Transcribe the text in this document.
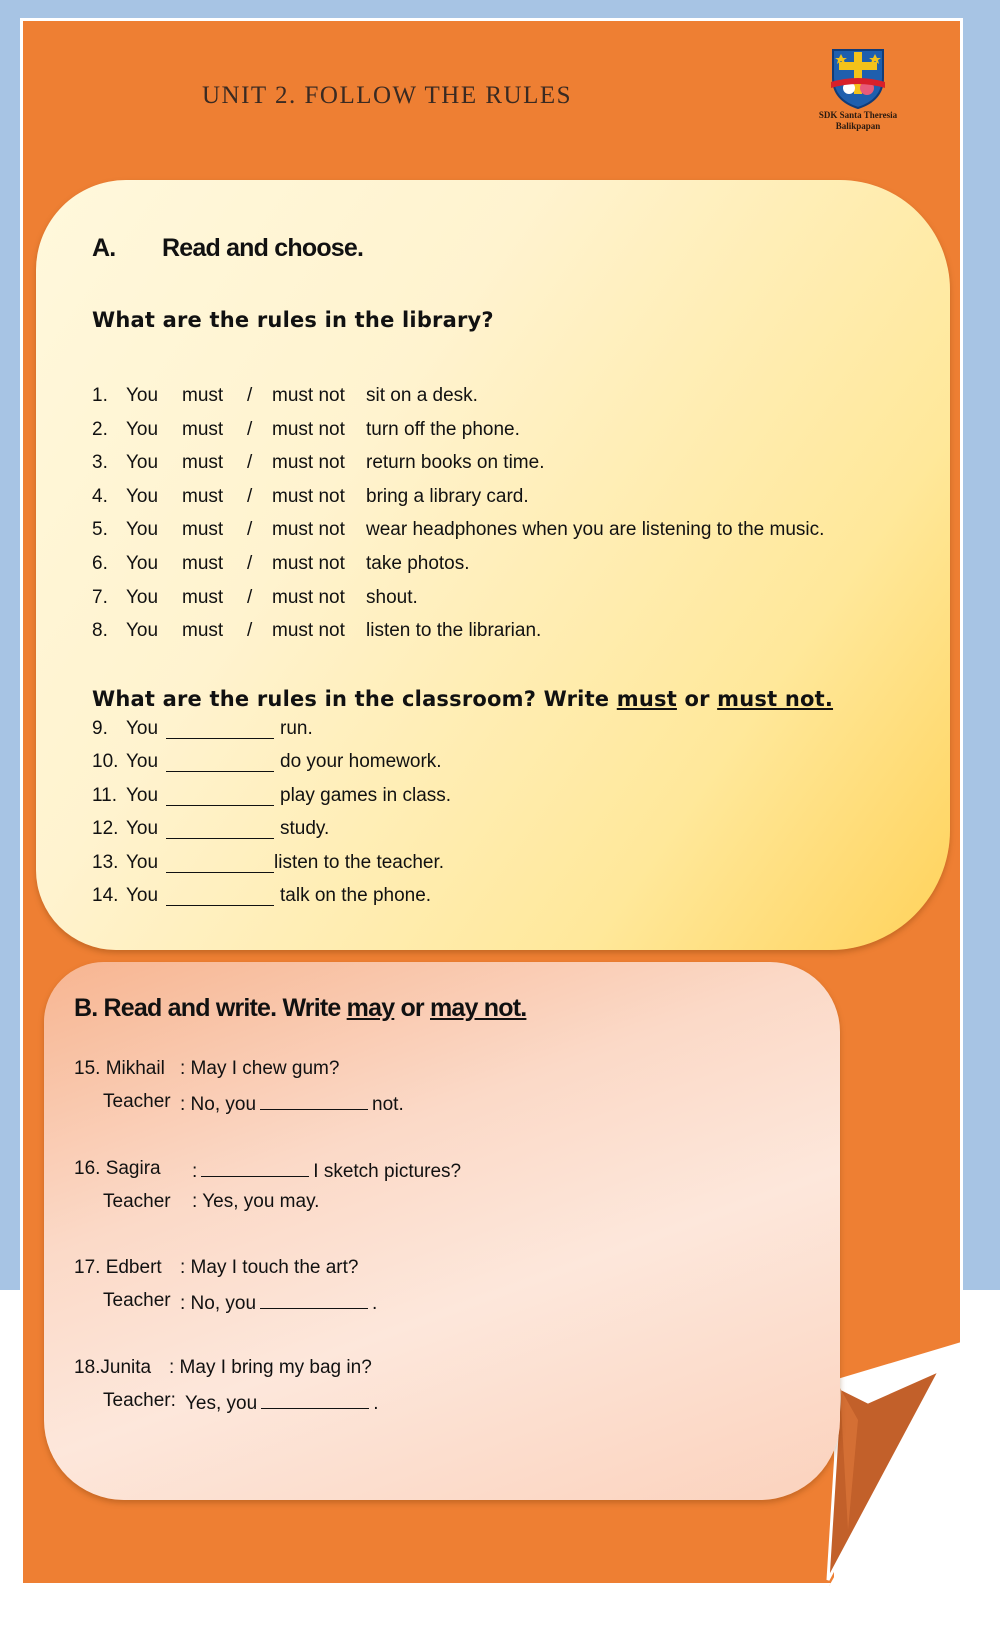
UNIT 2. FOLLOW THE RULES
SDK Santa Theresia
Balikpapan
A. Read and choose.
What are the rules in the library?
1. You must / must not sit on a desk.
2. You must / must not turn off the phone.
3. You must / must not return books on time.
4. You must / must not bring a library card.
5. You must / must not wear headphones when you are listening to the music.
6. You must / must not take photos.
7. You must / must not shout.
8. You must / must not listen to the librarian.
What are the rules in the classroom? Write must or must not.
9. You	run.
10. You	do your homework.
11. You	play games in class.
12. You	study.
13. You	listen to the teacher.
14. You	talk on the phone.
B. Read and write. Write may or may not.
15. Mikhail : May I chew gum?
Teacher : No, you	not.
16. Sagira :	I sketch pictures?
Teacher : Yes, you may.
17. Edbert : May I touch the art?
Teacher : No, you	.
18.Junita : May I bring my bag in?
Teacher: Yes, you	.
